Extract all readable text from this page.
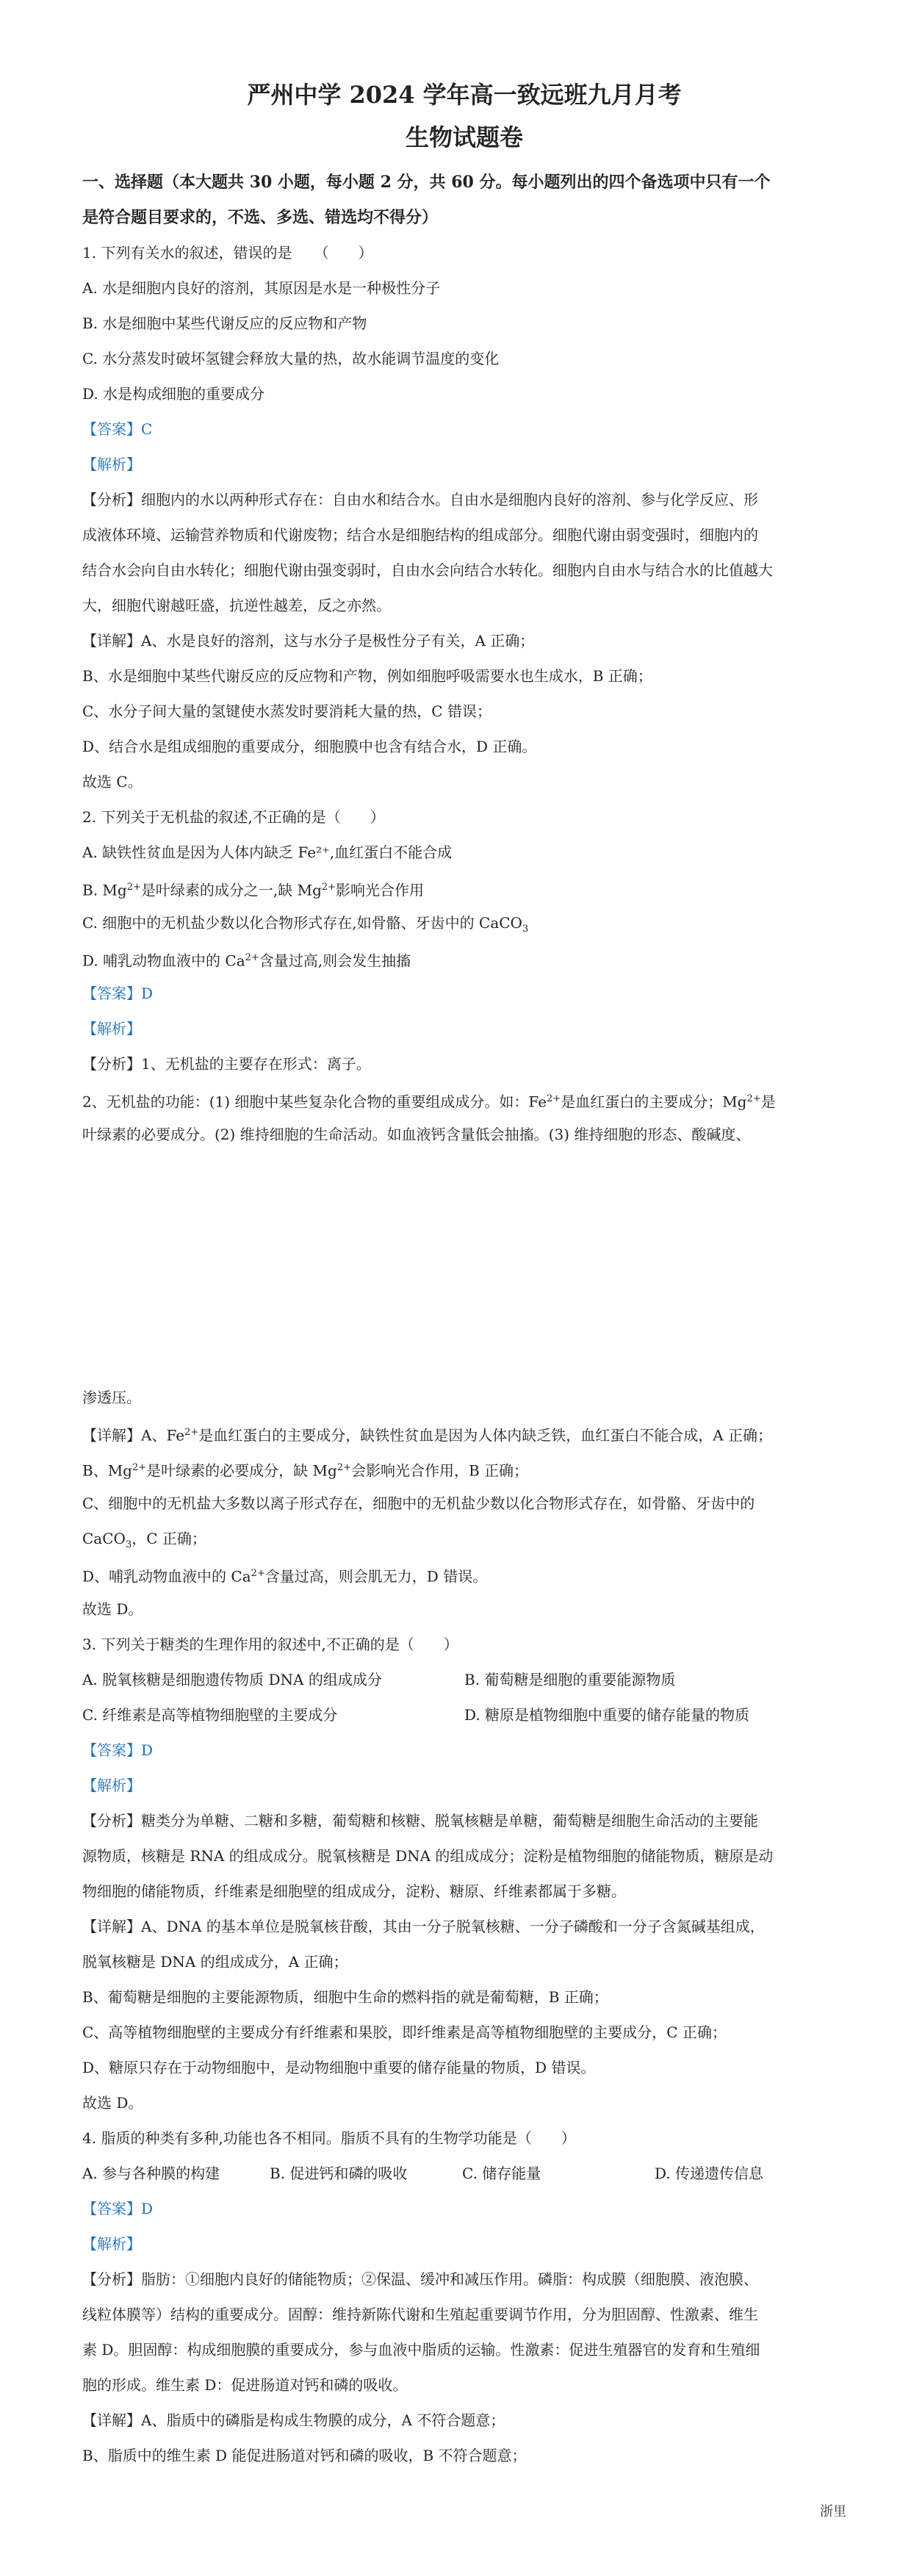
严州中学 2024 学年高一致远班九月月考
生物试题卷
一、选择题（本大题共 30 小题，每小题 2 分，共 60 分。每小题列出的四个备选项中只有一个
是符合题目要求的，不选、多选、错选均不得分）
1. 下列有关水的叙述，错误的是　　（　　）
A. 水是细胞内良好的溶剂，其原因是水是一种极性分子
B. 水是细胞中某些代谢反应的反应物和产物
C. 水分蒸发时破坏氢键会释放大量的热，故水能调节温度的变化
D. 水是构成细胞的重要成分
【答案】C
【解析】
【分析】细胞内的水以两种形式存在：自由水和结合水。自由水是细胞内良好的溶剂、参与化学反应、形
成液体环境、运输营养物质和代谢废物；结合水是细胞结构的组成部分。细胞代谢由弱变强时，细胞内的
结合水会向自由水转化；细胞代谢由强变弱时，自由水会向结合水转化。细胞内自由水与结合水的比值越大
大，细胞代谢越旺盛，抗逆性越差，反之亦然。
【详解】A、水是良好的溶剂，这与水分子是极性分子有关，A 正确；
B、水是细胞中某些代谢反应的反应物和产物，例如细胞呼吸需要水也生成水，B 正确；
C、水分子间大量的氢键使水蒸发时要消耗大量的热，C 错误；
D、结合水是组成细胞的重要成分，细胞膜中也含有结合水，D 正确。
故选 C。
2. 下列关于无机盐的叙述,不正确的是（　　）
A. 缺铁性贫血是因为人体内缺乏 Fe²⁺,血红蛋白不能合成
B. $Mg^{2+}$是叶绿素的成分之一,缺 $Mg^{2+}$影响光合作用
C. 细胞中的无机盐少数以化合物形式存在,如骨骼、牙齿中的 CaCO$_3$
D. 哺乳动物血液中的 $Ca^{2+}$含量过高,则会发生抽搐
【答案】D
【解析】
【分析】1、无机盐的主要存在形式：离子。
2、无机盐的功能：(1) 细胞中某些复杂化合物的重要组成成分。如：$Fe^{2+}$是血红蛋白的主要成分；$Mg^{2+}$是
叶绿素的必要成分。(2) 维持细胞的生命活动。如血液钙含量低会抽搐。(3) 维持细胞的形态、酸碱度、
渗透压。
【详解】A、$Fe^{2+}$是血红蛋白的主要成分，缺铁性贫血是因为人体内缺乏铁，血红蛋白不能合成，A 正确；
B、$Mg^{2+}$是叶绿素的必要成分，缺 $Mg^{2+}$会影响光合作用，B 正确；
C、细胞中的无机盐大多数以离子形式存在，细胞中的无机盐少数以化合物形式存在，如骨骼、牙齿中的
CaCO$_3$，C 正确；
D、哺乳动物血液中的 $Ca^{2+}$含量过高，则会肌无力，D 错误。
故选 D。
3. 下列关于糖类的生理作用的叙述中,不正确的是（　　）
A. 脱氧核糖是细胞遗传物质 DNA 的组成成分	B. 葡萄糖是细胞的重要能源物质
C. 纤维素是高等植物细胞壁的主要成分	D. 糖原是植物细胞中重要的储存能量的物质
【答案】D
【解析】
【分析】糖类分为单糖、二糖和多糖，葡萄糖和核糖、脱氧核糖是单糖，葡萄糖是细胞生命活动的主要能
源物质，核糖是 RNA 的组成成分。脱氧核糖是 DNA 的组成成分；淀粉是植物细胞的储能物质，糖原是动
物细胞的储能物质，纤维素是细胞壁的组成成分，淀粉、糖原、纤维素都属于多糖。
【详解】A、DNA 的基本单位是脱氧核苷酸，其由一分子脱氧核糖、一分子磷酸和一分子含氮碱基组成，
脱氧核糖是 DNA 的组成成分，A 正确；
B、葡萄糖是细胞的主要能源物质，细胞中生命的燃料指的就是葡萄糖，B 正确；
C、高等植物细胞壁的主要成分有纤维素和果胶，即纤维素是高等植物细胞壁的主要成分，C 正确；
D、糖原只存在于动物细胞中，是动物细胞中重要的储存能量的物质，D 错误。
故选 D。
4. 脂质的种类有多种,功能也各不相同。脂质不具有的生物学功能是（　　）
A. 参与各种膜的构建	B. 促进钙和磷的吸收	C. 储存能量	D. 传递遗传信息
【答案】D
【解析】
【分析】脂肪：①细胞内良好的储能物质；②保温、缓冲和减压作用。磷脂：构成膜（细胞膜、液泡膜、
线粒体膜等）结构的重要成分。固醇：维持新陈代谢和生殖起重要调节作用，分为胆固醇、性激素、维生
素 D。胆固醇：构成细胞膜的重要成分，参与血液中脂质的运输。性激素：促进生殖器官的发育和生殖细
胞的形成。维生素 D：促进肠道对钙和磷的吸收。
【详解】A、脂质中的磷脂是构成生物膜的成分，A 不符合题意；
B、脂质中的维生素 D 能促进肠道对钙和磷的吸收，B 不符合题意；
浙里
